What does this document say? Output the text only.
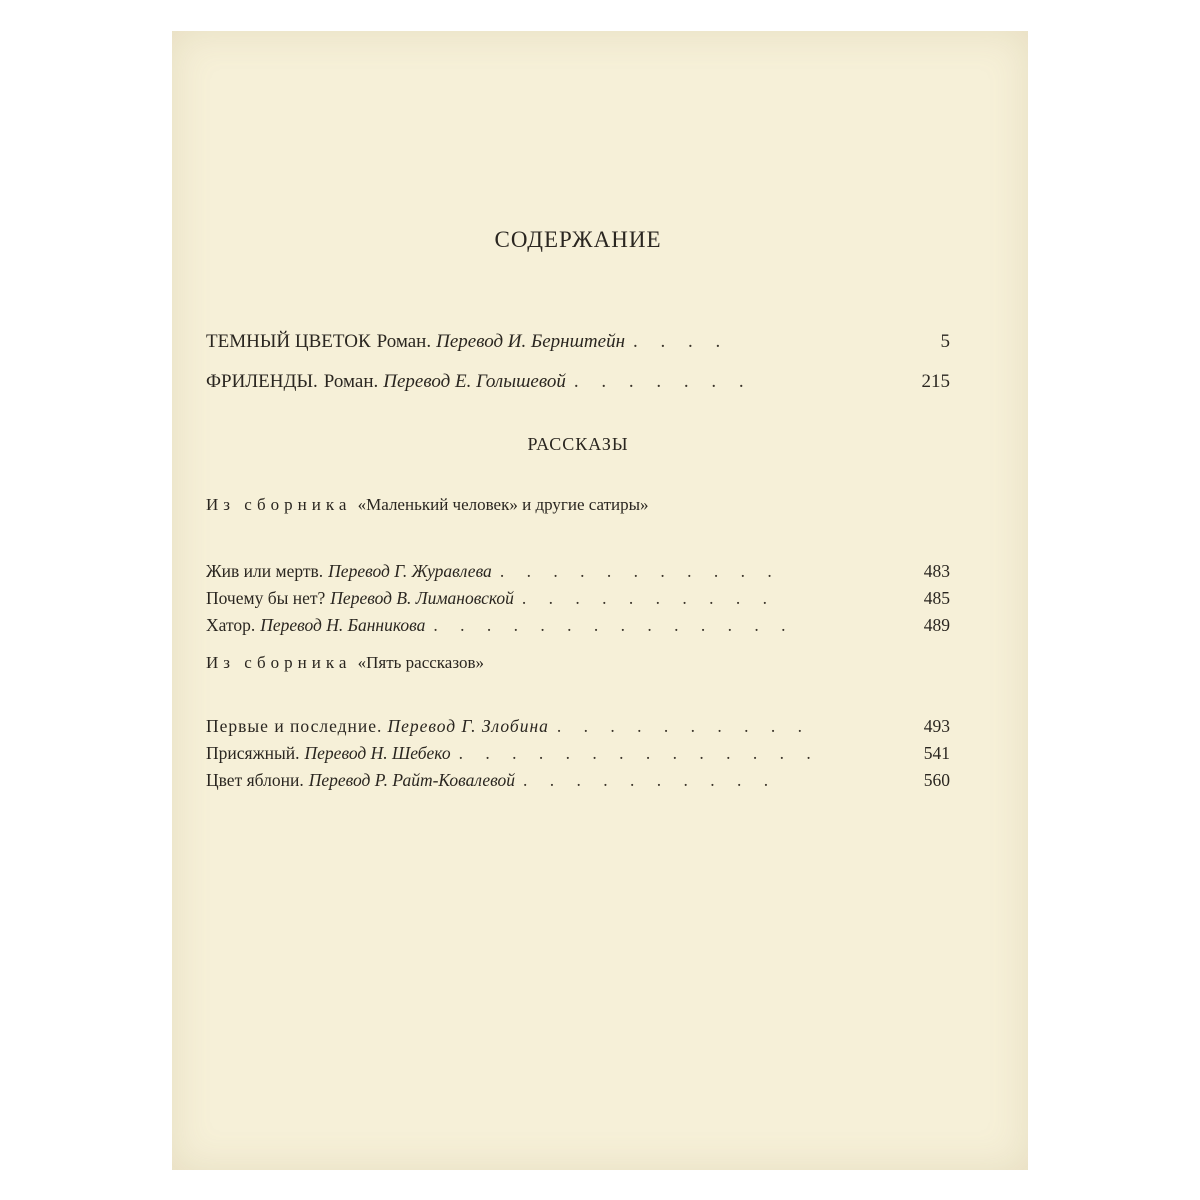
СОДЕРЖАНИЕ
ТЕМНЫЙ ЦВЕТОК Роман. Перевод И. Бернштейн . . . .	5
ФРИЛЕНДЫ. Роман. Перевод Е. Голышевой . . . . . . .	215
РАССКАЗЫ
Из сборника «Маленький человек» и другие сатиры»
Жив или мертв. Перевод Г. Журавлева . . . . . . . . . . .	483
Почему бы нет? Перевод В. Лимановской . . . . . . . . . .	485
Хатор. Перевод Н. Банникова . . . . . . . . . . . . . .	489
Из сборника «Пять рассказов»
Первые и последние. Перевод Г. Злобина . . . . . . . . . .	493
Присяжный. Перевод Н. Шебеко . . . . . . . . . . . . . .	541
Цвет яблони. Перевод Р. Райт-Ковалевой . . . . . . . . . .	560
